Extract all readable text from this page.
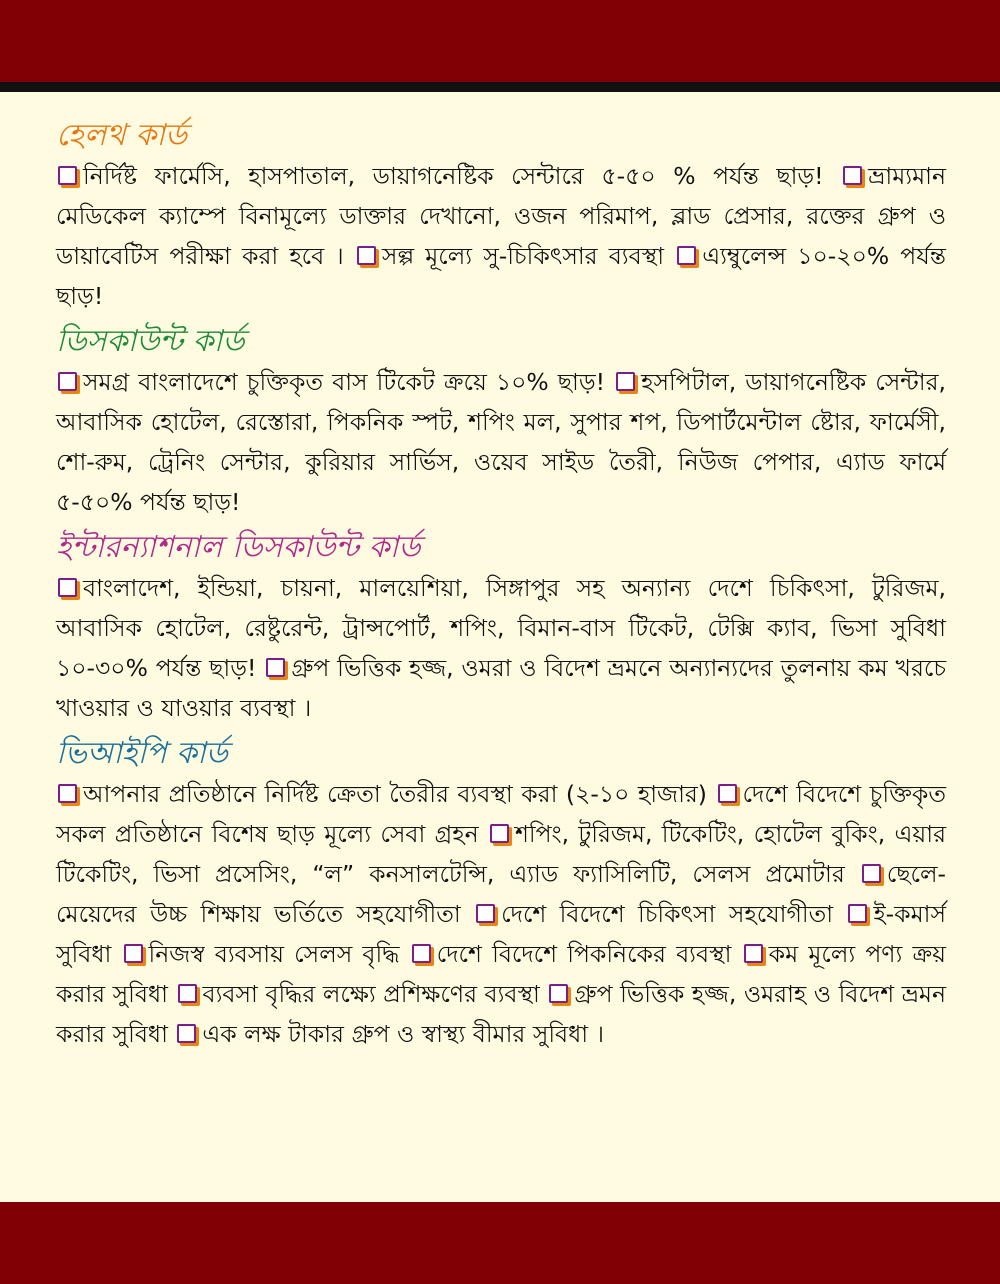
হেলথ কার্ড
নির্দিষ্ট ফার্মেসি, হাসপাতাল, ডায়াগনেষ্টিক সেন্টারে ৫-৫০ % পর্যন্ত ছাড়! ভ্রাম্যমান মেডিকেল ক্যাম্পে বিনামূল্যে ডাক্তার দেখানো, ওজন পরিমাপ, ব্লাড প্রেসার, রক্তের গ্রুপ ও ডায়াবেটিস পরীক্ষা করা হবে । সল্প মূল্যে সু-চিকিৎসার ব্যবস্থা এ্যম্বুলেন্স ১০-২০% পর্যন্ত ছাড়!
ডিসকাউন্ট কার্ড
সমগ্র বাংলাদেশে চুক্তিকৃত বাস টিকেট ক্রয়ে ১০% ছাড়! হসপিটাল, ডায়াগনেষ্টিক সেন্টার, আবাসিক হোটেল, রেস্তোরা, পিকনিক স্পট, শপিং মল, সুপার শপ, ডিপার্টমেন্টাল ষ্টোর, ফার্মেসী, শো-রুম, ট্রেনিং সেন্টার, কুরিয়ার সার্ভিস, ওয়েব সাইড তৈরী, নিউজ পেপার, এ্যাড ফার্মে ৫-৫০% পর্যন্ত ছাড়!
ইন্টারন্যাশনাল ডিসকাউন্ট কার্ড
বাংলাদেশ, ইন্ডিয়া, চায়না, মালয়েশিয়া, সিঙ্গাপুর সহ অন্যান্য দেশে চিকিৎসা, টুরিজম, আবাসিক হোটেল, রেষ্টুরেন্ট, ট্রান্সপোর্ট, শপিং, বিমান-বাস টিকেট, টেক্সি ক্যাব, ভিসা সুবিধা ১০-৩০% পর্যন্ত ছাড়! গ্রুপ ভিত্তিক হজ্জ, ওমরা ও বিদেশ ভ্রমনে অন্যান্যদের তুলনায় কম খরচে খাওয়ার ও যাওয়ার ব্যবস্থা ।
ভিআইপি কার্ড
আপনার প্রতিষ্ঠানে নির্দিষ্ট ক্রেতা তৈরীর ব্যবস্থা করা (২-১০ হাজার) দেশে বিদেশে চুক্তিকৃত সকল প্রতিষ্ঠানে বিশেষ ছাড় মূল্যে সেবা গ্রহন শপিং, টুরিজম, টিকেটিং, হোটেল বুকিং, এয়ার টিকেটিং, ভিসা প্রসেসিং, “ল” কনসালটেন্সি, এ্যাড ফ্যাসিলিটি, সেলস প্রমোটার ছেলে-মেয়েদের উচ্চ শিক্ষায় ভর্তিতে সহযোগীতা দেশে বিদেশে চিকিৎসা সহযোগীতা ই-কমার্স সুবিধা নিজস্ব ব্যবসায় সেলস বৃদ্ধি দেশে বিদেশে পিকনিকের ব্যবস্থা কম মূল্যে পণ্য ক্রয় করার সুবিধা ব্যবসা বৃদ্ধির লক্ষ্যে প্রশিক্ষণের ব্যবস্থা গ্রুপ ভিত্তিক হজ্জ, ওমরাহ ও বিদেশ ভ্রমন করার সুবিধা এক লক্ষ টাকার গ্রুপ ও স্বাস্থ্য বীমার সুবিধা ।
